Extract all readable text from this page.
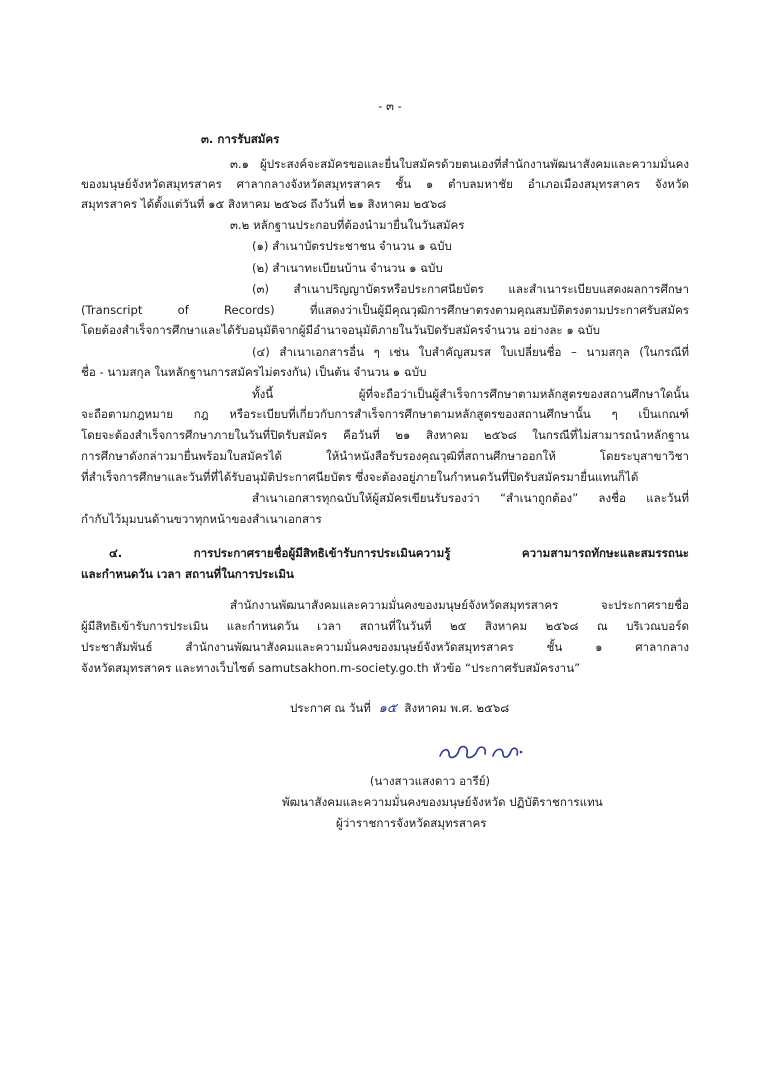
- ๓ -
๓. การรับสมัคร
๓.๑ ผู้ประสงค์จะสมัครขอและยื่นใบสมัครด้วยตนเองที่สำนักงานพัฒนาสังคมและความมั่นคง
ของมนุษย์จังหวัดสมุทรสาคร ศาลากลางจังหวัดสมุทรสาคร ชั้น ๑ ตำบลมหาชัย อำเภอเมืองสมุทรสาคร จังหวัด
สมุทรสาคร ได้ตั้งแต่วันที่ ๑๕ สิงหาคม ๒๕๖๘ ถึงวันที่ ๒๑ สิงหาคม ๒๕๖๘
๓.๒ หลักฐานประกอบที่ต้องนำมายื่นในวันสมัคร
(๑) สำเนาบัตรประชาชน จำนวน ๑ ฉบับ
(๒) สำเนาทะเบียนบ้าน จำนวน ๑ ฉบับ
(๓) สำเนาปริญญาบัตรหรือประกาศนียบัตร และสำเนาระเบียบแสดงผลการศึกษา
(Transcript of Records) ที่แสดงว่าเป็นผู้มีคุณวุฒิการศึกษาตรงตามคุณสมบัติตรงตามประกาศรับสมัคร
โดยต้องสำเร็จการศึกษาและได้รับอนุมัติจากผู้มีอำนาจอนุมัติภายในวันปิดรับสมัครจำนวน อย่างละ ๑ ฉบับ
(๔) สำเนาเอกสารอื่น ๆ เช่น ใบสำคัญสมรส ใบเปลี่ยนชื่อ – นามสกุล (ในกรณีที่
ชื่อ - นามสกุล ในหลักฐานการสมัครไม่ตรงกัน) เป็นต้น จำนวน ๑ ฉบับ
ทั้งนี้ ผู้ที่จะถือว่าเป็นผู้สำเร็จการศึกษาตามหลักสูตรของสถานศึกษาใดนั้น
จะถือตามกฎหมาย กฎ หรือระเบียบที่เกี่ยวกับการสำเร็จการศึกษาตามหลักสูตรของสถานศึกษานั้น ๆ เป็นเกณฑ์
โดยจะต้องสำเร็จการศึกษาภายในวันที่ปิดรับสมัคร คือวันที่ ๒๑ สิงหาคม ๒๕๖๘ ในกรณีที่ไม่สามารถนำหลักฐาน
การศึกษาดังกล่าวมายื่นพร้อมใบสมัครได้ ให้นำหนังสือรับรองคุณวุฒิที่สถานศึกษาออกให้ โดยระบุสาขาวิชา
ที่สำเร็จการศึกษาและวันที่ที่ได้รับอนุมัติประกาศนียบัตร ซึ่งจะต้องอยู่ภายในกำหนดวันที่ปิดรับสมัครมายื่นแทนก็ได้
สำเนาเอกสารทุกฉบับให้ผู้สมัครเขียนรับรองว่า “สำเนาถูกต้อง” ลงชื่อ และวันที่
กำกับไว้มุมบนด้านขวาทุกหน้าของสำเนาเอกสาร
๔. การประกาศรายชื่อผู้มีสิทธิเข้ารับการประเมินความรู้ ความสามารถทักษะและสมรรถนะ
และกำหนดวัน เวลา สถานที่ในการประเมิน
สำนักงานพัฒนาสังคมและความมั่นคงของมนุษย์จังหวัดสมุทรสาคร จะประกาศรายชื่อ
ผู้มีสิทธิเข้ารับการประเมิน และกำหนดวัน เวลา สถานที่ในวันที่ ๒๕ สิงหาคม ๒๕๖๘ ณ บริเวณบอร์ด
ประชาสัมพันธ์ สำนักงานพัฒนาสังคมและความมั่นคงของมนุษย์จังหวัดสมุทรสาคร ชั้น ๑ ศาลากลาง
จังหวัดสมุทรสาคร และทางเว็บไซต์ samutsakhon.m-society.go.th หัวข้อ “ประกาศรับสมัครงาน”
ประกาศ ณ วันที่ ๑๕ สิงหาคม พ.ศ. ๒๕๖๘
(นางสาวแสงดาว อารีย์)
พัฒนาสังคมและความมั่นคงของมนุษย์จังหวัด ปฏิบัติราชการแทน
ผู้ว่าราชการจังหวัดสมุทรสาคร
